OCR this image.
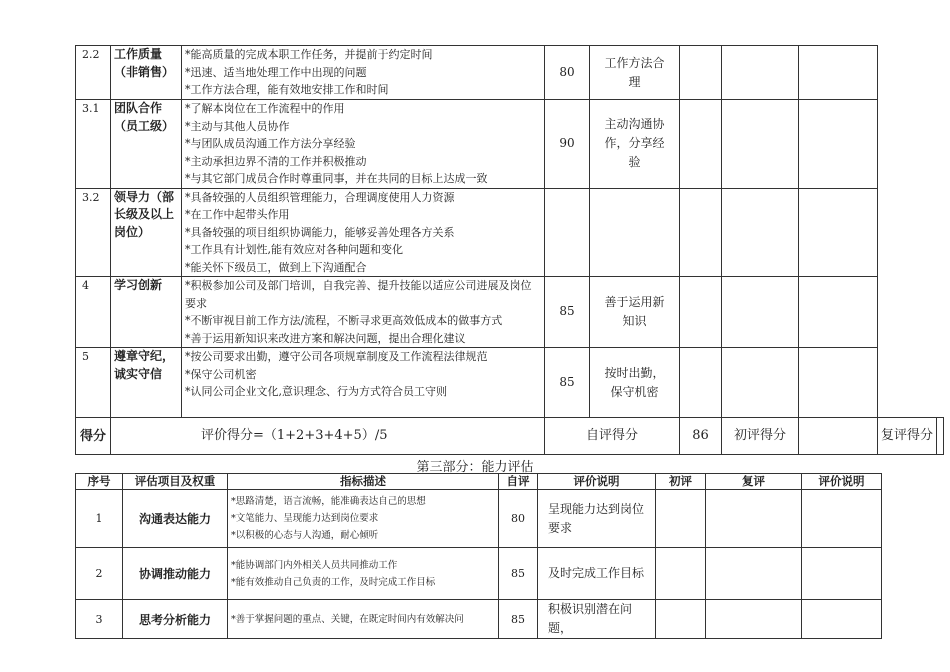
2.2	工作质量（非销售）	*能高质量的完成本职工作任务，并提前于约定时间
*迅速、适当地处理工作中出现的问题
*工作方法合理，能有效地安排工作和时间	80	工作方法合理					
3.1	团队合作（员工级）	*了解本岗位在工作流程中的作用
*主动与其他人员协作
*与团队成员沟通工作方法分享经验
*主动承担边界不清的工作并积极推动
*与其它部门成员合作时尊重同事，并在共同的目标上达成一致	90	主动沟通协作，分享经验					
3.2	领导力（部长级及以上岗位）	*具备较强的人员组织管理能力，合理调度使用人力资源
*在工作中起带头作用
*具备较强的项目组织协调能力，能够妥善处理各方关系
*工作具有计划性,能有效应对各种问题和变化
*能关怀下级员工，做到上下沟通配合							

4	学习创新	*积极参加公司及部门培训，自我完善、提升技能以适应公司进展及岗位要求
*不断审视目前工作方法/流程，不断寻求更高效低成本的做事方式
*善于运用新知识来改进方案和解决问题，提出合理化建议	85	善于运用新知识					
5	遵章守纪，诚实守信	*按公司要求出勤，遵守公司各项规章制度及工作流程法律规范
*保守公司机密
*认同公司企业文化,意识理念、行为方式符合员工守则	85	按时出勤，保守机密					
得分	评价得分=（1+2+3+4+5）/5		自评得分		86	初评得分		复评得分	
第三部分：能力评估
序号	评估项目及权重	指标描述	自评	评价说明	初评	复评	评价说明
1	沟通表达能力	*思路清楚，语言流畅，能准确表达自己的思想
*文笔能力、呈现能力达到岗位要求
*以积极的心态与人沟通，耐心倾听	80	呈现能力达到岗位要求			
2	协调推动能力	*能协调部门内外相关人员共同推动工作
*能有效推动自己负责的工作，及时完成工作目标	85	及时完成工作目标			
3	思考分析能力	*善于掌握问题的重点、关键，在既定时间内有效解决问	85	积极识别潜在问题，			
